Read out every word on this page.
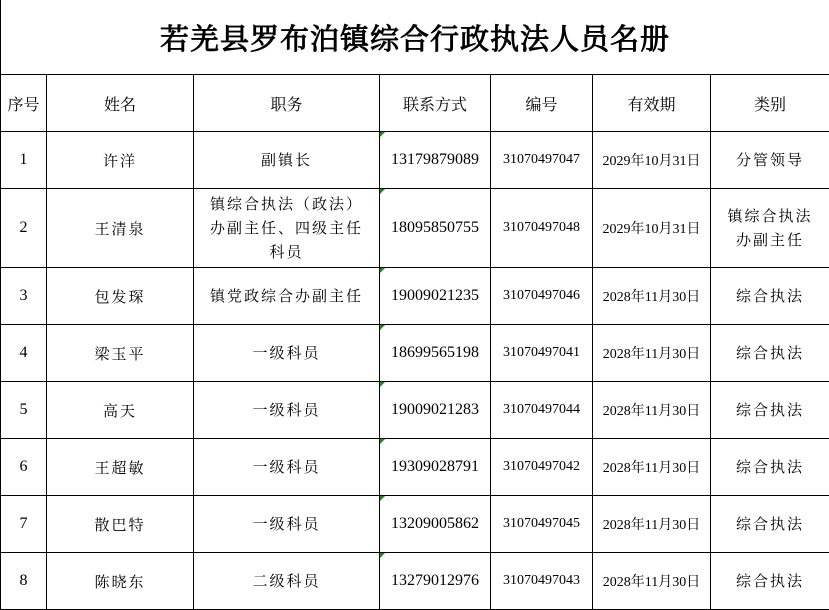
若羌县罗布泊镇综合行政执法人员名册
序号	姓名	职务	联系方式	编号	有效期	类别
1	许洋	副镇长	13179879089	31070497047	2029年10月31日	分管领导
2	王清泉	镇综合执法（政法）办副主任、四级主任科员	18095850755	31070497048	2029年10月31日	镇综合执法办副主任
3	包发琛	镇党政综合办副主任	19009021235	31070497046	2028年11月30日	综合执法
4	梁玉平	一级科员	18699565198	31070497041	2028年11月30日	综合执法
5	高天	一级科员	19009021283	31070497044	2028年11月30日	综合执法
6	王超敏	一级科员	19309028791	31070497042	2028年11月30日	综合执法
7	散巴特	一级科员	13209005862	31070497045	2028年11月30日	综合执法
8	陈晓东	二级科员	13279012976	31070497043	2028年11月30日	综合执法
